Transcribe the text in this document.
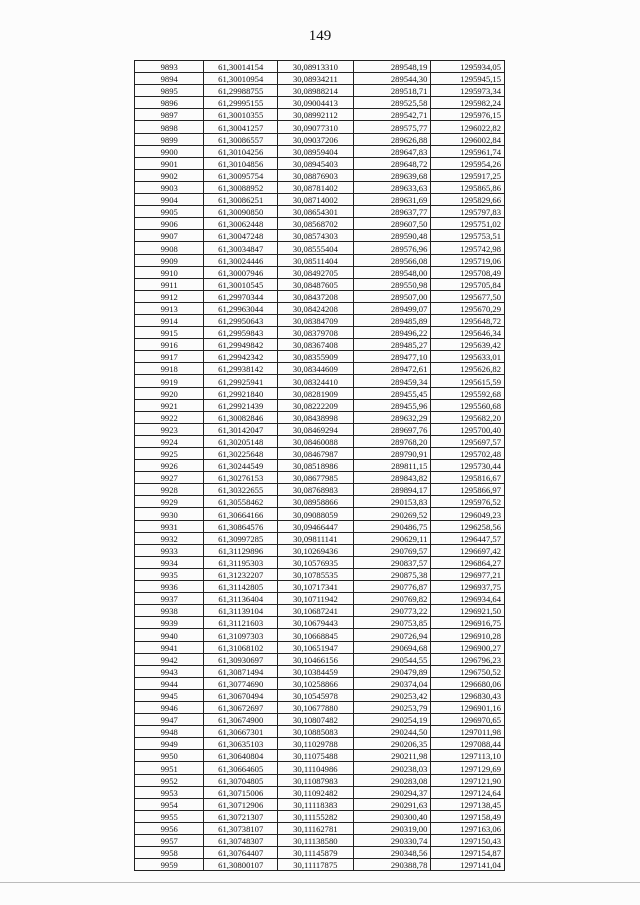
149
9893	61,30014154	30,08913310	289548,19	1295934,05
9894	61,30010954	30,08934211	289544,30	1295945,15
9895	61,29988755	30,08988214	289518,71	1295973,34
9896	61,29995155	30,09004413	289525,58	1295982,24
9897	61,30010355	30,08992112	289542,71	1295976,15
9898	61,30041257	30,09077310	289575,77	1296022,82
9899	61,30086557	30,09037206	289626,88	1296002,84
9900	61,30104256	30,08959404	289647,83	1295961,74
9901	61,30104856	30,08945403	289648,72	1295954,26
9902	61,30095754	30,08876903	289639,68	1295917,25
9903	61,30088952	30,08781402	289633,63	1295865,86
9904	61,30086251	30,08714002	289631,69	1295829,66
9905	61,30090850	30,08654301	289637,77	1295797,83
9906	61,30062448	30,08568702	289607,50	1295751,02
9907	61,30047248	30,08574303	289590,48	1295753,51
9908	61,30034847	30,08555404	289576,96	1295742,98
9909	61,30024446	30,08511404	289566,08	1295719,06
9910	61,30007946	30,08492705	289548,00	1295708,49
9911	61,30010545	30,08487605	289550,98	1295705,84
9912	61,29970344	30,08437208	289507,00	1295677,50
9913	61,29963044	30,08424208	289499,07	1295670,29
9914	61,29950643	30,08384709	289485,89	1295648,72
9915	61,29959843	30,08379708	289496,22	1295646,34
9916	61,29949842	30,08367408	289485,27	1295639,42
9917	61,29942342	30,08355909	289477,10	1295633,01
9918	61,29938142	30,08344609	289472,61	1295626,82
9919	61,29925941	30,08324410	289459,34	1295615,59
9920	61,29921840	30,08281909	289455,45	1295592,68
9921	61,29921439	30,08222209	289455,96	1295560,68
9922	61,30082846	30,08438998	289632,29	1295682,20
9923	61,30142047	30,08469294	289697,76	1295700,40
9924	61,30205148	30,08460088	289768,20	1295697,57
9925	61,30225648	30,08467987	289790,91	1295702,48
9926	61,30244549	30,08518986	289811,15	1295730,44
9927	61,30276153	30,08677985	289843,82	1295816,67
9928	61,30322655	30,08768983	289894,17	1295866,97
9929	61,30558462	30,08958866	290153,83	1295976,52
9930	61,30664166	30,09088059	290269,52	1296049,23
9931	61,30864576	30,09466447	290486,75	1296258,56
9932	61,30997285	30,09811141	290629,11	1296447,57
9933	61,31129896	30,10269436	290769,57	1296697,42
9934	61,31195303	30,10576935	290837,57	1296864,27
9935	61,31232207	30,10785535	290875,38	1296977,21
9936	61,31142805	30,10717341	290776,87	1296937,75
9937	61,31136404	30,10711942	290769,82	1296934,64
9938	61,31139104	30,10687241	290773,22	1296921,50
9939	61,31121603	30,10679443	290753,85	1296916,75
9940	61,31097303	30,10668845	290726,94	1296910,28
9941	61,31068102	30,10651947	290694,68	1296900,27
9942	61,30930697	30,10466156	290544,55	1296796,23
9943	61,30871494	30,10384459	290479,89	1296750,52
9944	61,30774690	30,10258866	290374,04	1296680,06
9945	61,30670494	30,10545978	290253,42	1296830,43
9946	61,30672697	30,10677880	290253,79	1296901,16
9947	61,30674900	30,10807482	290254,19	1296970,65
9948	61,30667301	30,10885083	290244,50	1297011,98
9949	61,30635103	30,11029788	290206,35	1297088,44
9950	61,30640804	30,11075488	290211,98	1297113,10
9951	61,30664605	30,11104986	290238,03	1297129,69
9952	61,30704805	30,11087983	290283,08	1297121,90
9953	61,30715006	30,11092482	290294,37	1297124,64
9954	61,30712906	30,11118383	290291,63	1297138,45
9955	61,30721307	30,11155282	290300,40	1297158,49
9956	61,30738107	30,11162781	290319,00	1297163,06
9957	61,30748307	30,11138580	290330,74	1297150,43
9958	61,30764407	30,11145879	290348,56	1297154,87
9959	61,30800107	30,11117875	290388,78	1297141,04
